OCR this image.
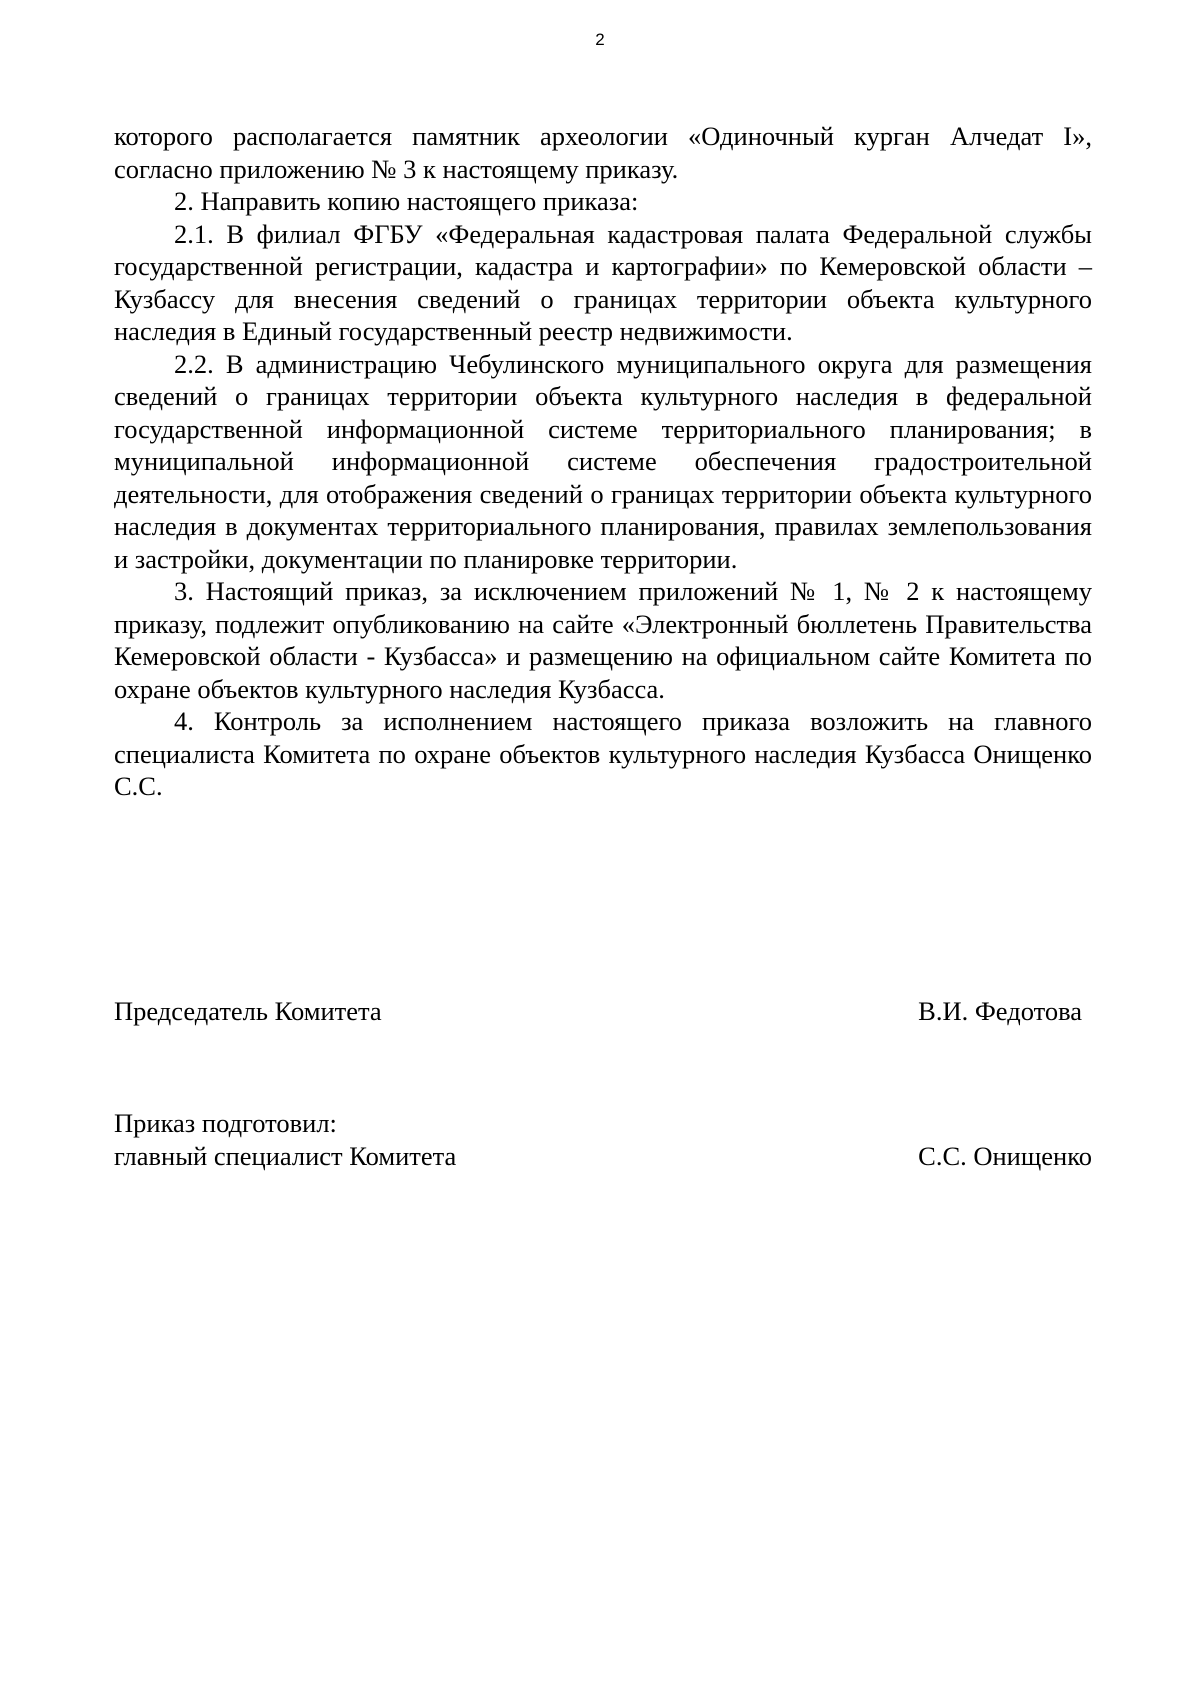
2

которого располагается памятник археологии «Одиночный курган Алчедат I», согласно приложению № 3 к настоящему приказу.

2. Направить копию настоящего приказа:

2.1. В филиал ФГБУ «Федеральная кадастровая палата Федеральной службы государственной регистрации, кадастра и картографии» по Кемеровской области – Кузбассу для внесения сведений о границах территории объекта культурного наследия в Единый государственный реестр недвижимости.

2.2. В администрацию Чебулинского муниципального округа для размещения сведений о границах территории объекта культурного наследия в федеральной государственной информационной системе территориального планирования; в муниципальной информационной системе обеспечения градостроительной деятельности, для отображения сведений о границах территории объекта культурного наследия в документах территориального планирования, правилах землепользования и застройки, документации по планировке территории.

3. Настоящий приказ, за исключением приложений № 1, № 2 к настоящему приказу, подлежит опубликованию на сайте «Электронный бюллетень Правительства Кемеровской области - Кузбасса» и размещению на официальном сайте Комитета по охране объектов культурного наследия Кузбасса.

4. Контроль за исполнением настоящего приказа возложить на главного специалиста Комитета по охране объектов культурного наследия Кузбасса Онищенко С.С.

Председатель Комитета	В.И. Федотова
Приказ подготовил:
главный специалист Комитета	С.С. Онищенко
